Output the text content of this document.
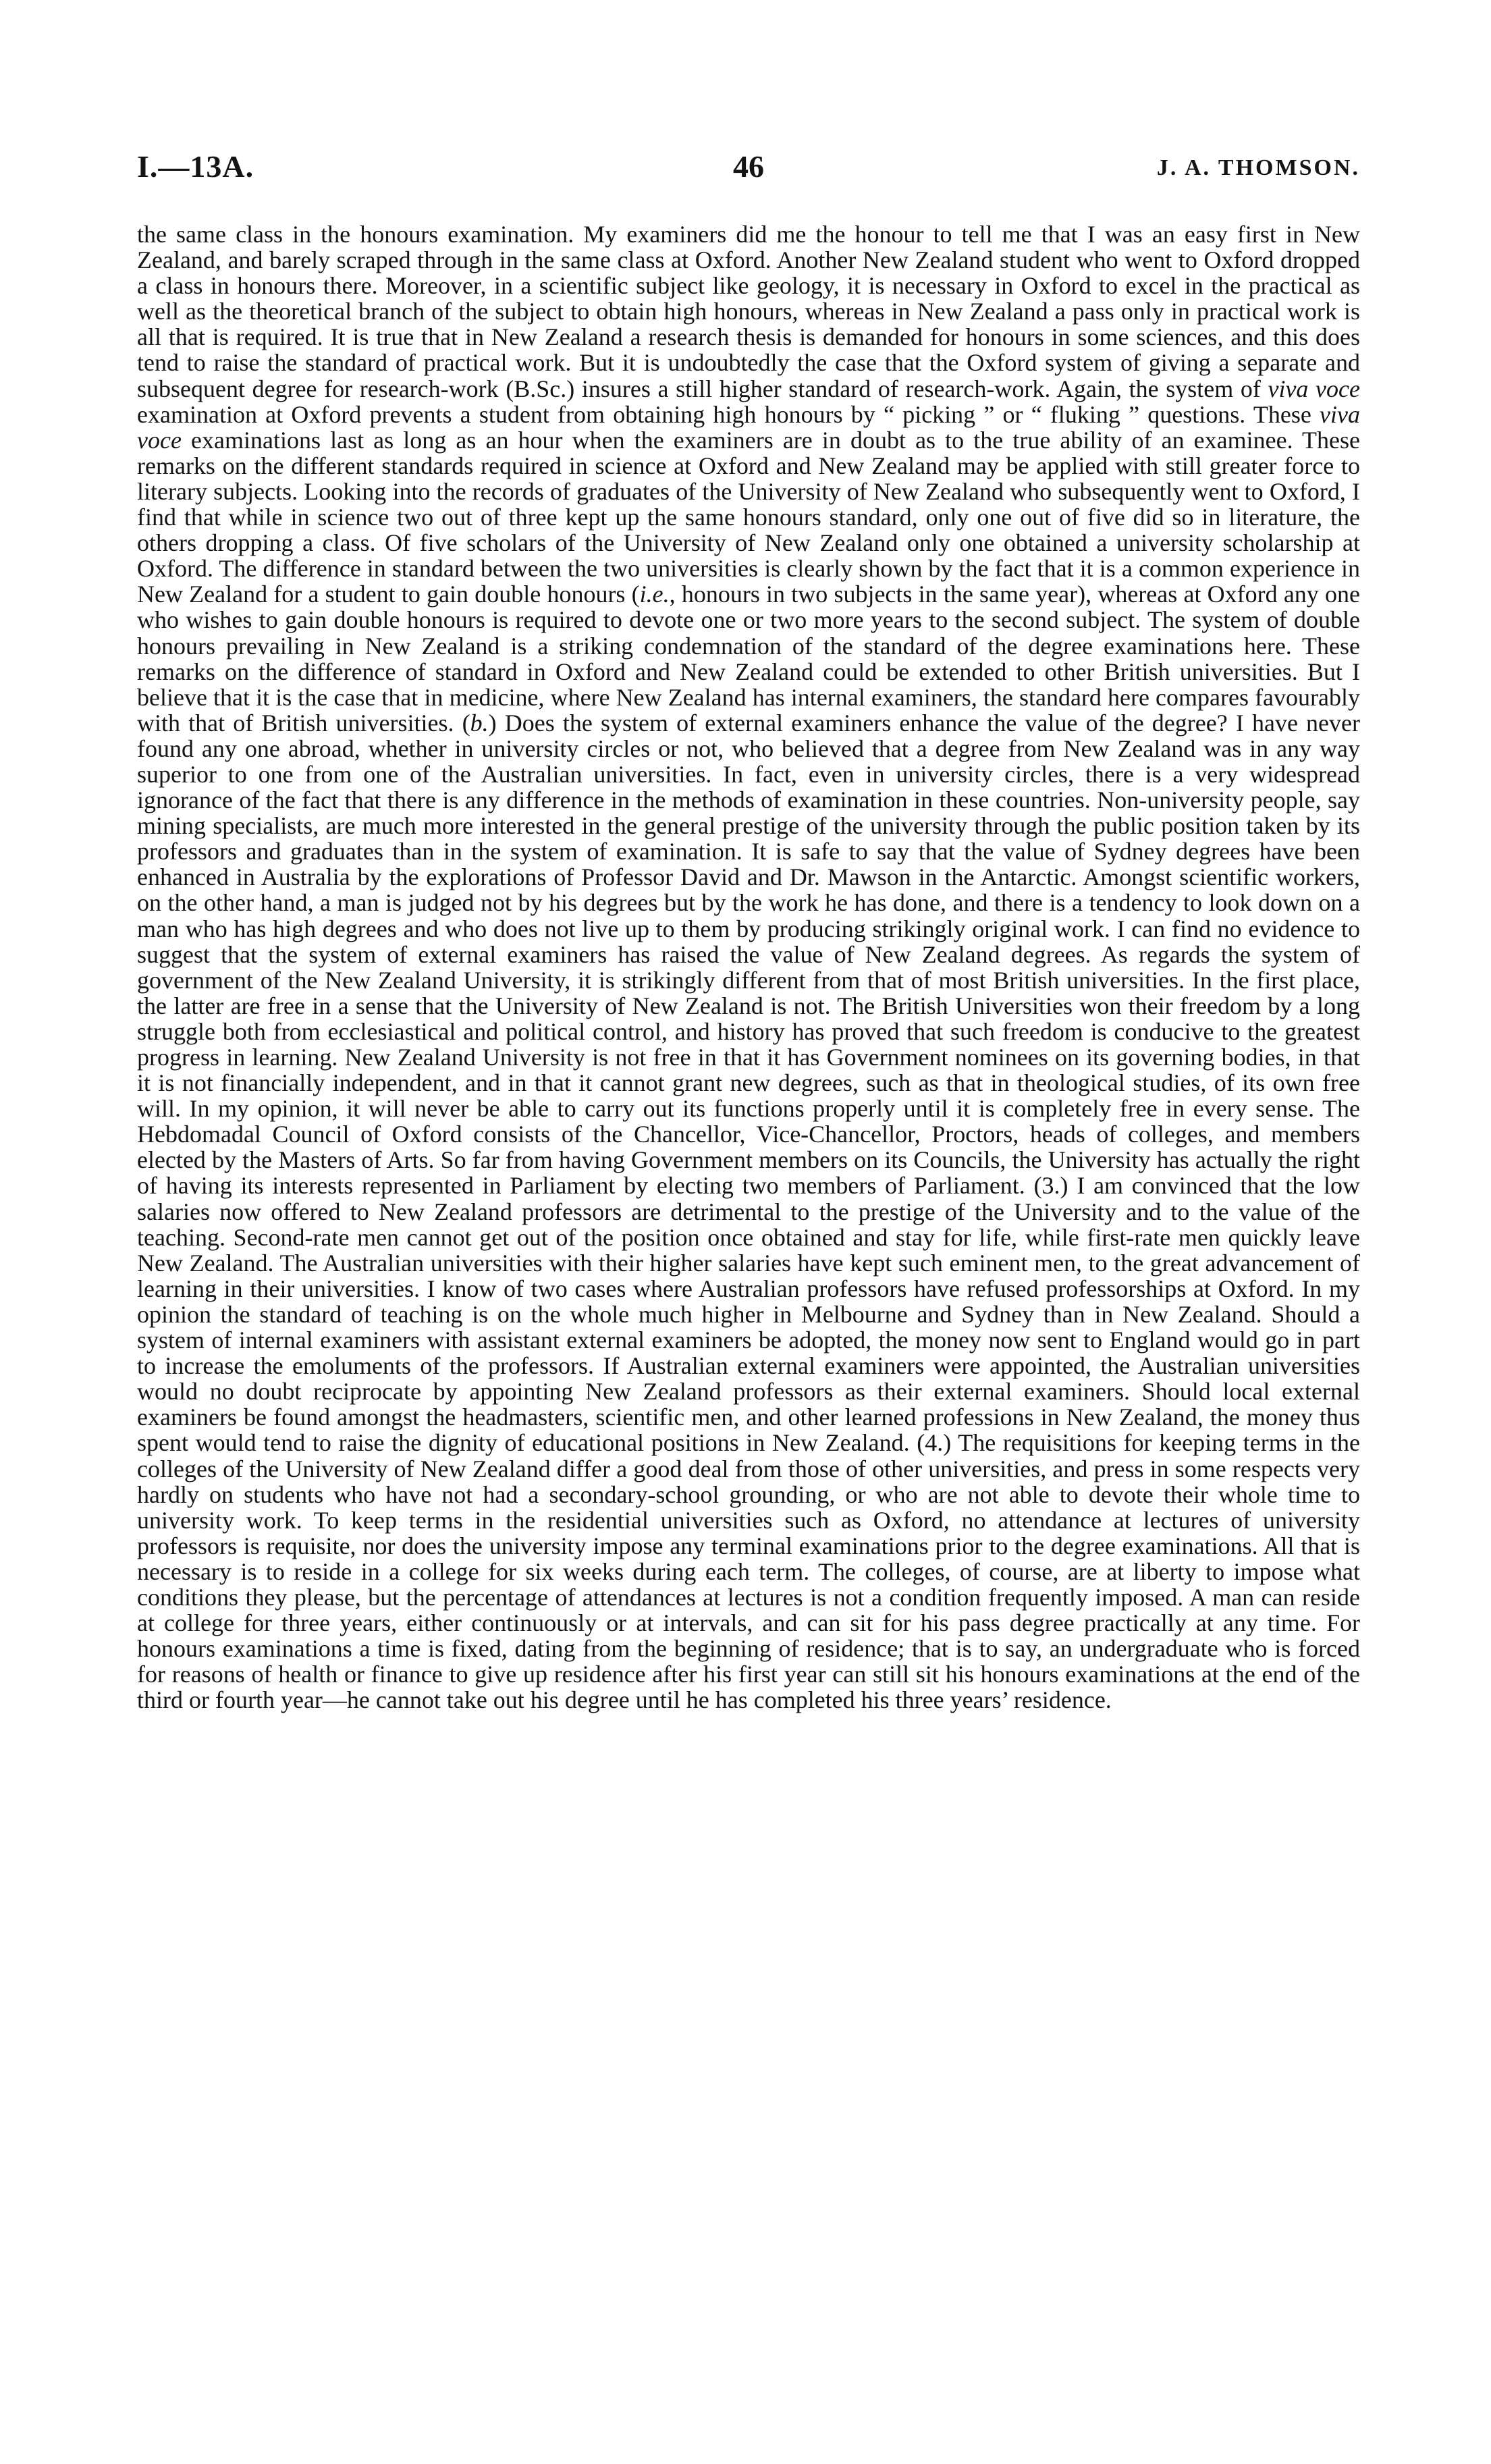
I.—13A.	46	J. A. THOMSON.

the same class in the honours examination. My examiners did me the honour to tell me that I was an easy first in New Zealand, and barely scraped through in the same class at Oxford. Another New Zealand student who went to Oxford dropped a class in honours there. Moreover, in a scientific subject like geology, it is necessary in Oxford to excel in the practical as well as the theoretical branch of the subject to obtain high honours, whereas in New Zealand a pass only in practical work is all that is required. It is true that in New Zealand a research thesis is demanded for honours in some sciences, and this does tend to raise the standard of practical work. But it is undoubtedly the case that the Oxford system of giving a separate and subsequent degree for research-work (B.Sc.) insures a still higher standard of research-work. Again, the system of viva voce examination at Oxford prevents a student from obtaining high honours by “ picking ” or “ fluking ” questions. These viva voce examinations last as long as an hour when the examiners are in doubt as to the true ability of an examinee. These remarks on the different standards required in science at Oxford and New Zealand may be applied with still greater force to literary subjects. Looking into the records of graduates of the University of New Zealand who subsequently went to Oxford, I find that while in science two out of three kept up the same honours standard, only one out of five did so in literature, the others dropping a class. Of five scholars of the University of New Zealand only one obtained a university scholarship at Oxford. The difference in standard between the two universities is clearly shown by the fact that it is a common experience in New Zealand for a student to gain double honours (i.e., honours in two subjects in the same year), whereas at Oxford any one who wishes to gain double honours is required to devote one or two more years to the second subject. The system of double honours prevailing in New Zealand is a striking condemnation of the standard of the degree examinations here. These remarks on the difference of standard in Oxford and New Zealand could be extended to other British universities. But I believe that it is the case that in medicine, where New Zealand has internal examiners, the standard here compares favourably with that of British universities. (b.) Does the system of external examiners enhance the value of the degree? I have never found any one abroad, whether in university circles or not, who believed that a degree from New Zealand was in any way superior to one from one of the Australian universities. In fact, even in university circles, there is a very widespread ignorance of the fact that there is any difference in the methods of examination in these countries. Non-university people, say mining specialists, are much more interested in the general prestige of the university through the public position taken by its professors and graduates than in the system of examination. It is safe to say that the value of Sydney degrees have been enhanced in Australia by the explorations of Professor David and Dr. Mawson in the Antarctic. Amongst scientific workers, on the other hand, a man is judged not by his degrees but by the work he has done, and there is a tendency to look down on a man who has high degrees and who does not live up to them by producing strikingly original work. I can find no evidence to suggest that the system of external examiners has raised the value of New Zealand degrees. As regards the system of government of the New Zealand University, it is strikingly different from that of most British universities. In the first place, the latter are free in a sense that the University of New Zealand is not. The British Universities won their freedom by a long struggle both from ecclesiastical and political control, and history has proved that such freedom is conducive to the greatest progress in learning. New Zealand University is not free in that it has Government nominees on its governing bodies, in that it is not financially independent, and in that it cannot grant new degrees, such as that in theological studies, of its own free will. In my opinion, it will never be able to carry out its functions properly until it is completely free in every sense. The Hebdomadal Council of Oxford consists of the Chancellor, Vice-Chancellor, Proctors, heads of colleges, and members elected by the Masters of Arts. So far from having Government members on its Councils, the University has actually the right of having its interests represented in Parliament by electing two members of Parliament. (3.) I am convinced that the low salaries now offered to New Zealand professors are detrimental to the prestige of the University and to the value of the teaching. Second-rate men cannot get out of the position once obtained and stay for life, while first-rate men quickly leave New Zealand. The Australian universities with their higher salaries have kept such eminent men, to the great advancement of learning in their universities. I know of two cases where Australian professors have refused professorships at Oxford. In my opinion the standard of teaching is on the whole much higher in Melbourne and Sydney than in New Zealand. Should a system of internal examiners with assistant external examiners be adopted, the money now sent to England would go in part to increase the emoluments of the professors. If Australian external examiners were appointed, the Australian universities would no doubt reciprocate by appointing New Zealand professors as their external examiners. Should local external examiners be found amongst the headmasters, scientific men, and other learned professions in New Zealand, the money thus spent would tend to raise the dignity of educational positions in New Zealand. (4.) The requisitions for keeping terms in the colleges of the University of New Zealand differ a good deal from those of other universities, and press in some respects very hardly on students who have not had a secondary-school grounding, or who are not able to devote their whole time to university work. To keep terms in the residential universities such as Oxford, no attendance at lectures of university professors is requisite, nor does the university impose any terminal examinations prior to the degree examinations. All that is necessary is to reside in a college for six weeks during each term. The colleges, of course, are at liberty to impose what conditions they please, but the percentage of attendances at lectures is not a condition frequently imposed. A man can reside at college for three years, either continuously or at intervals, and can sit for his pass degree practically at any time. For honours examinations a time is fixed, dating from the beginning of residence; that is to say, an undergraduate who is forced for reasons of health or finance to give up residence after his first year can still sit his honours examinations at the end of the third or fourth year—he cannot take out his degree until he has completed his three years’ residence.
